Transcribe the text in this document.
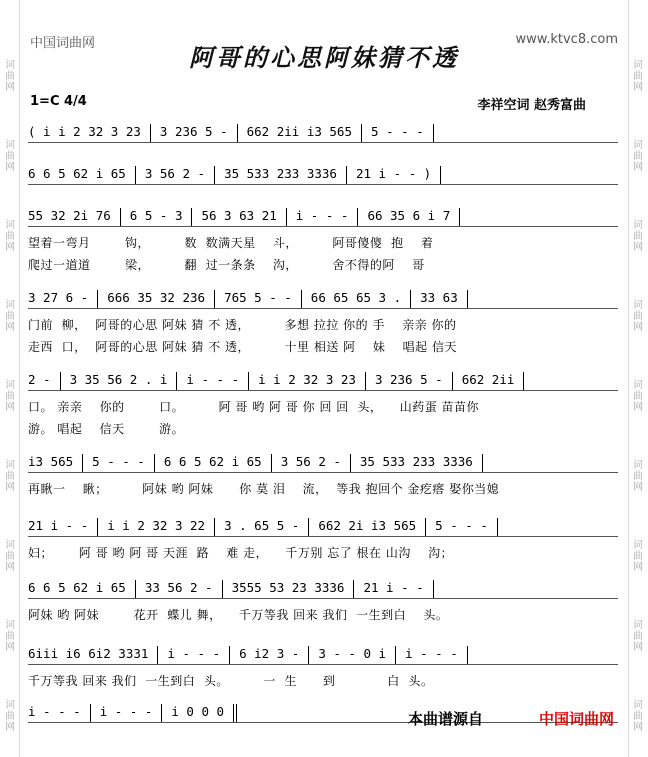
词
曲
网
词
曲
网
词
曲
网
词
曲
网
词
曲
网
词
曲
网
词
曲
网
词
曲
网
词
曲
网
词
曲
网
词
曲
网
词
曲
网
词
曲
网
词
曲
网
词
曲
网
词
曲
网
词
曲
网
词
曲
网
中国词曲网	www.ktvc8.com
阿哥的心思阿妹猜不透
1=C 4/4	李祥空词 赵秀富曲
( i i 2 32 3 23 3 236 5 - 662 2ii i3 565 5 - - -
6 6 5 62 i 65 3 56 2 - 35 533 233 3336 21 i - - )
55 32 2i 76 6 5 - 3 56 3 63 21 i - - - 66 35 6 i 7
望着一弯月        钩，        数  数满天星    斗，        阿哥傻傻  抱    着
爬过一道道        梁，        翻  过一条条    沟，        舍不得的阿    哥
3 27 6 - 666 35 32 236 765 5 - - 66 65 65 3 . 33 63
门前  柳，  阿哥的心思 阿妹 猜 不 透，        多想 拉拉 你的 手    亲亲 你的
走西  口，  阿哥的心思 阿妹 猜 不 透，        十里 相送 阿    妹    唱起 信天
2 - 3 35 56 2 . i i - - - i i 2 32 3 23 3 236 5 - 662 2ii
口。 亲亲    你的        口。        阿 哥 哟 阿 哥 你 回 回  头，    山药蛋 苗苗你
游。 唱起    信天        游。
i3 565 5 - - - 6 6 5 62 i 65 3 56 2 - 35 533 233 3336
再瞅一    瞅；        阿妹 哟 阿妹      你 莫 泪    流，  等我 抱回个 金疙瘩 娶你当媳
21 i - - i i 2 32 3 22 3 . 65 5 - 662 2i i3 565 5 - - -
妇；      阿 哥 哟 阿 哥 天涯  路    难 走，    千万别 忘了 根在 山沟    沟；
6 6 5 62 i 65 33 56 2 - 3555 53 23 3336 21 i - -
阿妹 哟 阿妹        花开  蝶儿 舞，    千万等我 回来 我们  一生到白    头。
6iii i6 6i2 3331 i - - - 6 i2 3 - 3 - - 0 i i - - -
千万等我 回来 我们  一生到白  头。        一  生      到            白  头。
i - - - i - - - i 0 0 0	本曲谱源自	中国词曲网
